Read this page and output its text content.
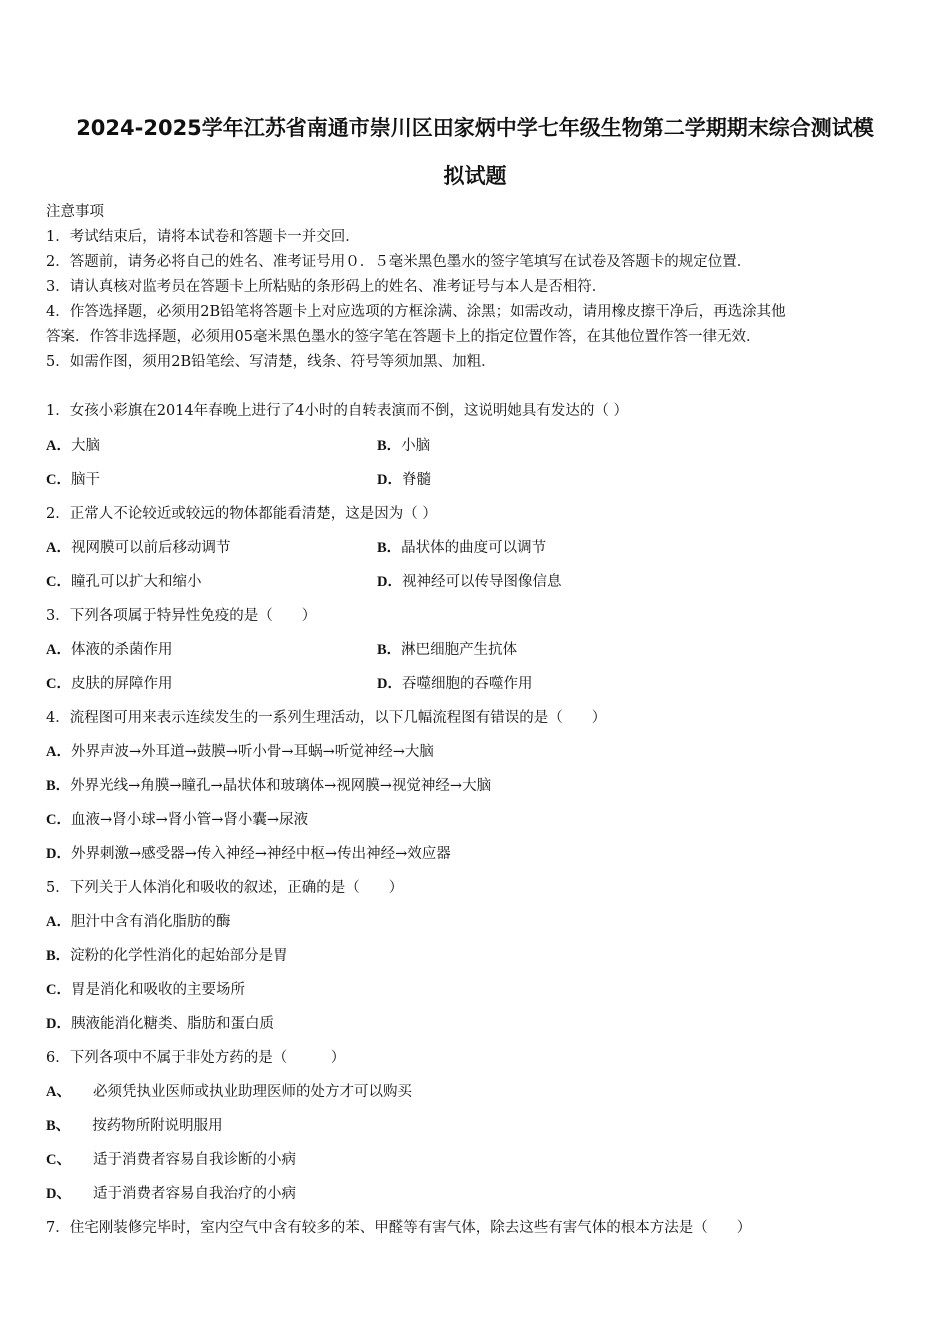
2024-2025学年江苏省南通市崇川区田家炳中学七年级生物第二学期期末综合测试模
拟试题
注意事项
1．考试结束后，请将本试卷和答题卡一并交回．
2．答题前，请务必将自己的姓名、准考证号用０．５毫米黑色墨水的签字笔填写在试卷及答题卡的规定位置．
3．请认真核对监考员在答题卡上所粘贴的条形码上的姓名、准考证号与本人是否相符．
4．作答选择题，必须用2B铅笔将答题卡上对应选项的方框涂满、涂黑；如需改动，请用橡皮擦干净后，再选涂其他
答案．作答非选择题，必须用05毫米黑色墨水的签字笔在答题卡上的指定位置作答，在其他位置作答一律无效．
5．如需作图，须用2B铅笔绘、写清楚，线条、符号等须加黑、加粗．
1．女孩小彩旗在2014年春晚上进行了4小时的自转表演而不倒，这说明她具有发达的（ ）
A．大脑	B．小脑
C．脑干	D．脊髓
2．正常人不论较近或较远的物体都能看清楚，这是因为（ ）
A．视网膜可以前后移动调节	B．晶状体的曲度可以调节
C．瞳孔可以扩大和缩小	D．视神经可以传导图像信息
3．下列各项属于特异性免疫的是（　　）
A．体液的杀菌作用	B．淋巴细胞产生抗体
C．皮肤的屏障作用	D．吞噬细胞的吞噬作用
4．流程图可用来表示连续发生的一系列生理活动，以下几幅流程图有错误的是（　　）
A．外界声波→外耳道→鼓膜→听小骨→耳蜗→听觉神经→大脑
B．外界光线→角膜→瞳孔→晶状体和玻璃体→视网膜→视觉神经→大脑
C．血液→肾小球→肾小管→肾小囊→尿液
D．外界刺激→感受器→传入神经→神经中枢→传出神经→效应器
5．下列关于人体消化和吸收的叙述，正确的是（　　）
A．胆汁中含有消化脂肪的酶
B．淀粉的化学性消化的起始部分是胃
C．胃是消化和吸收的主要场所
D．胰液能消化糖类、脂肪和蛋白质
6．下列各项中不属于非处方药的是（　　　）
A、 必须凭执业医师或执业助理医师的处方才可以购买
B、 按药物所附说明服用
C、 适于消费者容易自我诊断的小病
D、 适于消费者容易自我治疗的小病
7．住宅刚装修完毕时，室内空气中含有较多的苯、甲醛等有害气体，除去这些有害气体的根本方法是（　　）
